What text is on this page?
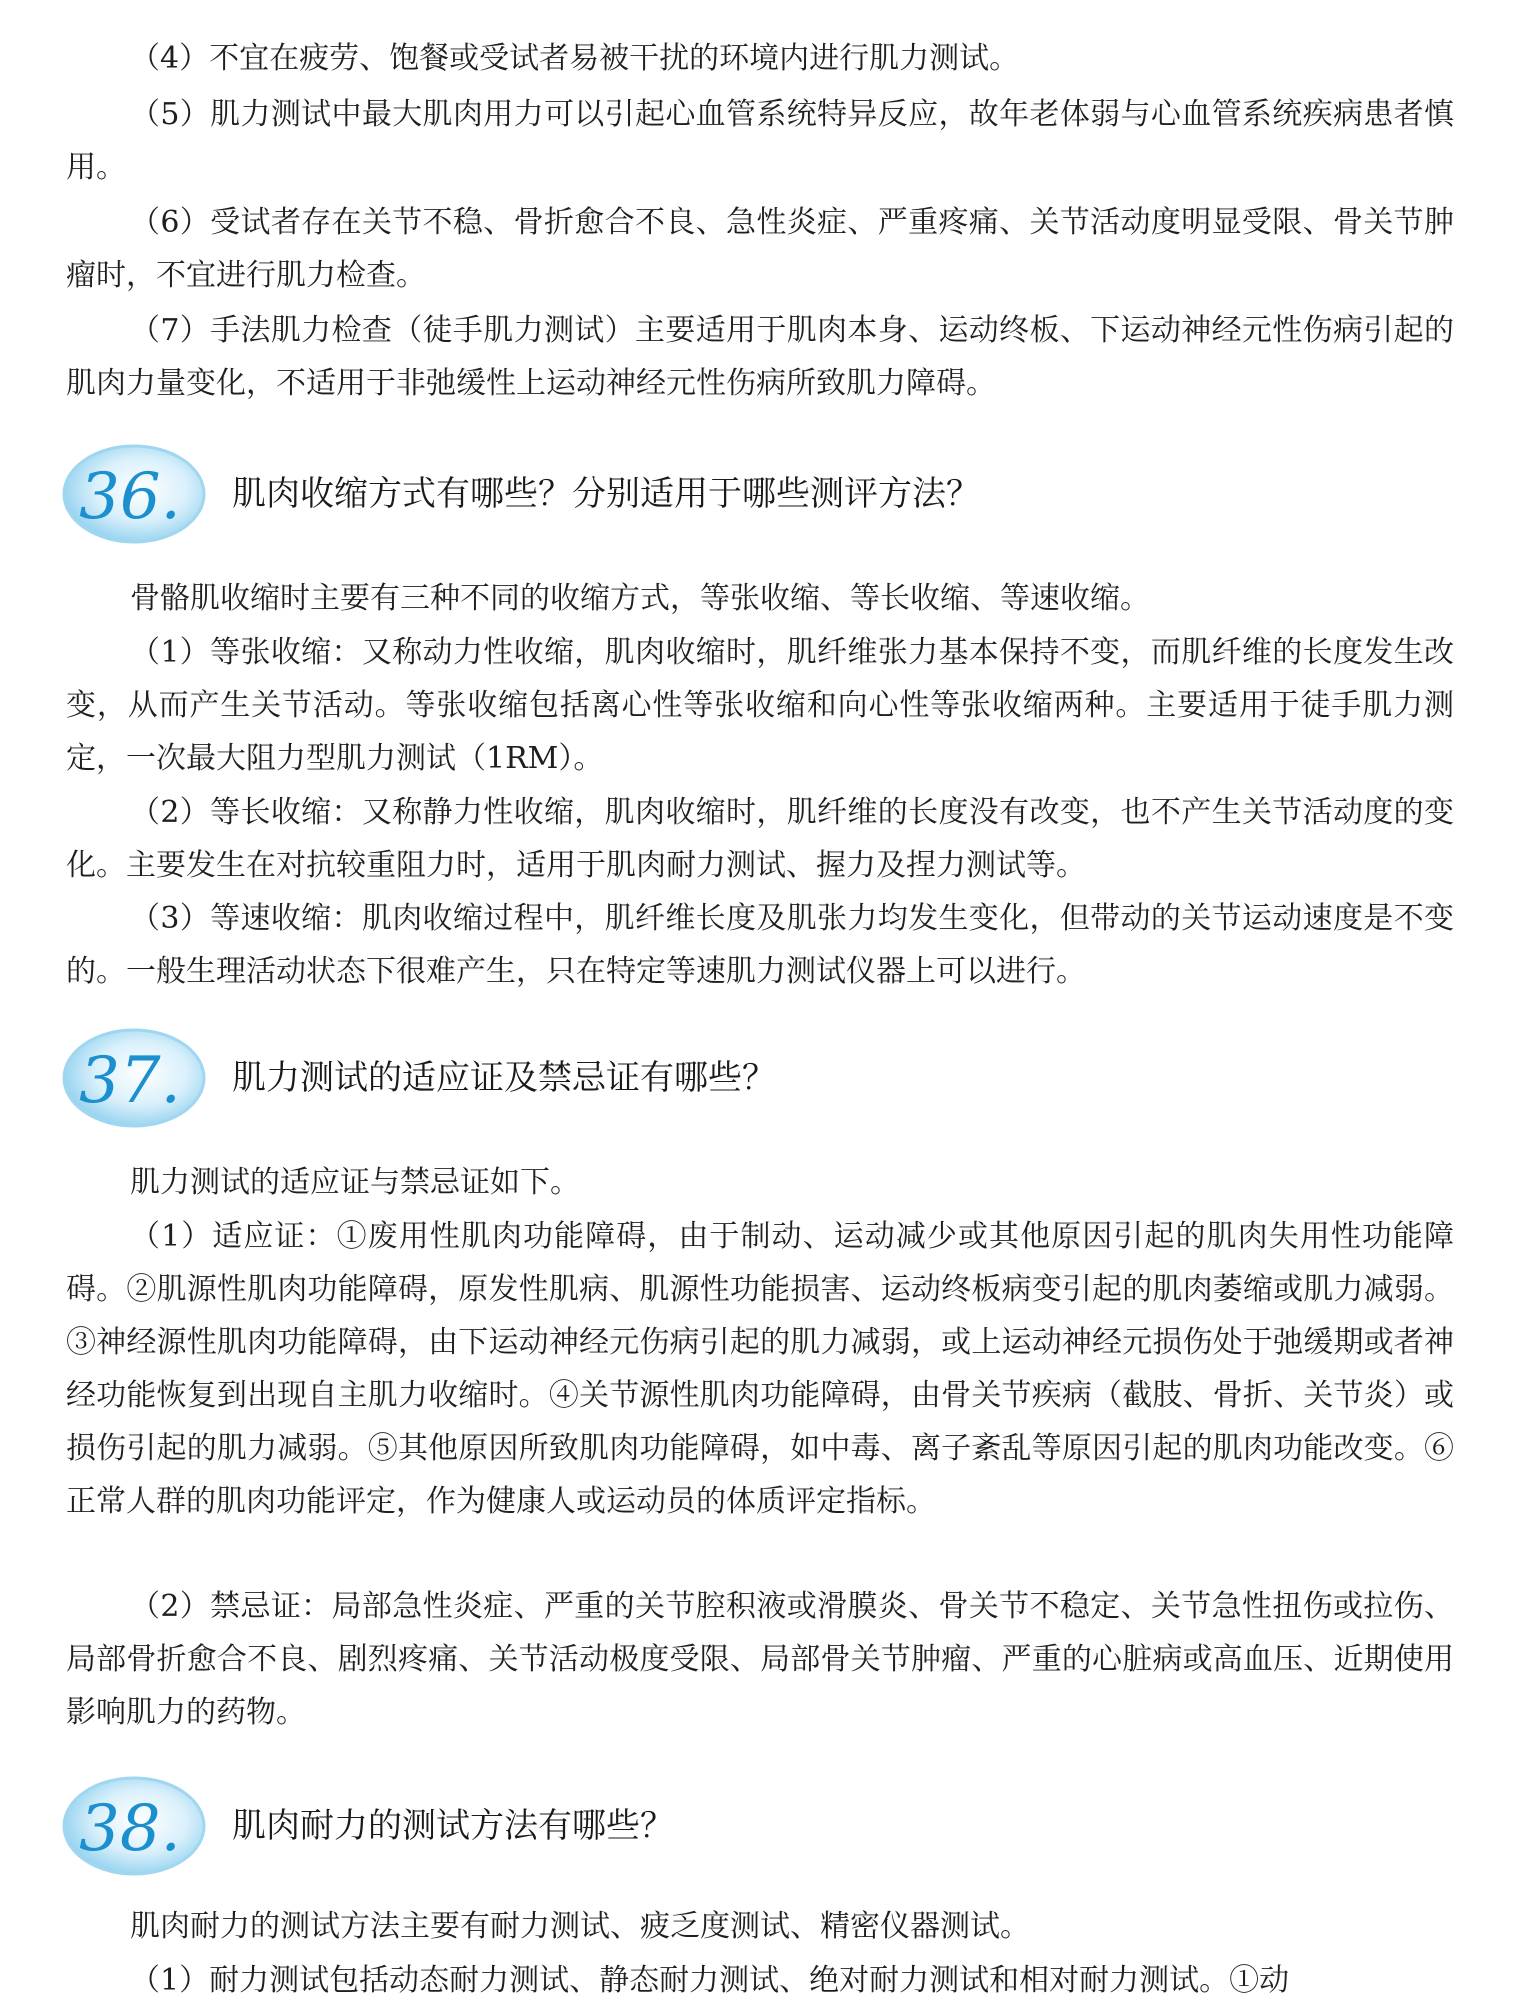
（4）不宜在疲劳、饱餐或受试者易被干扰的环境内进行肌力测试。

（5）肌力测试中最大肌肉用力可以引起心血管系统特异反应，故年老体弱与心血管系统疾病患者慎用。

（6）受试者存在关节不稳、骨折愈合不良、急性炎症、严重疼痛、关节活动度明显受限、骨关节肿瘤时，不宜进行肌力检查。

（7）手法肌力检查（徒手肌力测试）主要适用于肌肉本身、运动终板、下运动神经元性伤病引起的肌肉力量变化，不适用于非弛缓性上运动神经元性伤病所致肌力障碍。

36. 肌肉收缩方式有哪些？分别适用于哪些测评方法？

骨骼肌收缩时主要有三种不同的收缩方式，等张收缩、等长收缩、等速收缩。

（1）等张收缩：又称动力性收缩，肌肉收缩时，肌纤维张力基本保持不变，而肌纤维的长度发生改变，从而产生关节活动。等张收缩包括离心性等张收缩和向心性等张收缩两种。主要适用于徒手肌力测定，一次最大阻力型肌力测试（1RM）。

（2）等长收缩：又称静力性收缩，肌肉收缩时，肌纤维的长度没有改变，也不产生关节活动度的变化。主要发生在对抗较重阻力时，适用于肌肉耐力测试、握力及捏力测试等。

（3）等速收缩：肌肉收缩过程中，肌纤维长度及肌张力均发生变化，但带动的关节运动速度是不变的。一般生理活动状态下很难产生，只在特定等速肌力测试仪器上可以进行。

37. 肌力测试的适应证及禁忌证有哪些？

肌力测试的适应证与禁忌证如下。

（1）适应证：①废用性肌肉功能障碍，由于制动、运动减少或其他原因引起的肌肉失用性功能障碍。②肌源性肌肉功能障碍，原发性肌病、肌源性功能损害、运动终板病变引起的肌肉萎缩或肌力减弱。③神经源性肌肉功能障碍，由下运动神经元伤病引起的肌力减弱，或上运动神经元损伤处于弛缓期或者神经功能恢复到出现自主肌力收缩时。④关节源性肌肉功能障碍，由骨关节疾病（截肢、骨折、关节炎）或损伤引起的肌力减弱。⑤其他原因所致肌肉功能障碍，如中毒、离子紊乱等原因引起的肌肉功能改变。⑥正常人群的肌肉功能评定，作为健康人或运动员的体质评定指标。

（2）禁忌证：局部急性炎症、严重的关节腔积液或滑膜炎、骨关节不稳定、关节急性扭伤或拉伤、局部骨折愈合不良、剧烈疼痛、关节活动极度受限、局部骨关节肿瘤、严重的心脏病或高血压、近期使用影响肌力的药物。

38. 肌肉耐力的测试方法有哪些？

肌肉耐力的测试方法主要有耐力测试、疲乏度测试、精密仪器测试。

（1）耐力测试包括动态耐力测试、静态耐力测试、绝对耐力测试和相对耐力测试。①动
